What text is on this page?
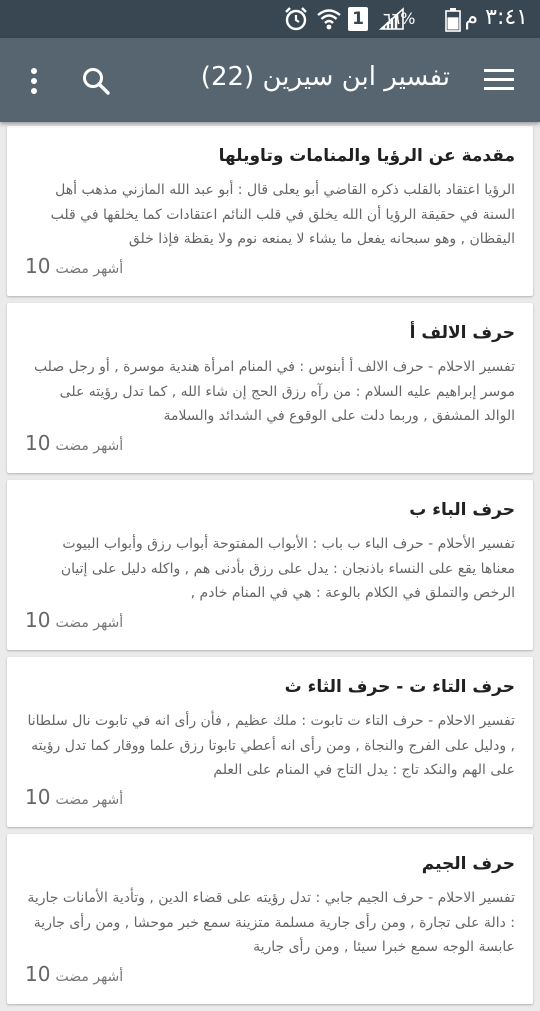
1 ٦٦% ٣:٤١ م
تفسير ابن سيرين (22)
مقدمة عن الرؤيا والمنامات وتاويلها
الرؤيا اعتقاد بالقلب ذكره القاضي أبو يعلى قال : أبو عبد الله المازني مذهب أهل السنة في حقيقة الرؤيا أن الله يخلق في قلب النائم اعتقادات كما يخلقها في قلب اليقظان , وهو سبحانه يفعل ما يشاء لا يمنعه نوم ولا يقظة فإذا خلق
10 أشهر مضت
حرف الالف أ
تفسير الاحلام - حرف الالف أ أبنوس : في المنام امرأة هندية موسرة , أو رجل صلب موسر إبراهيم عليه السلام : من رآه رزق الحج إن شاء الله , كما تدل رؤيته على الوالد المشفق , وربما دلت على الوقوع في الشدائد والسلامة
10 أشهر مضت
حرف الباء ب
تفسير الأحلام - حرف الباء ب باب : الأبواب المفتوحة أبواب رزق وأبواب البيوت معناها يقع على النساء باذنجان : يدل على رزق بأدنى هم , واكله دليل على إتيان الرخص والتملق في الكلام بالوعة : هي في المنام خادم ,
10 أشهر مضت
حرف التاء ت - حرف الثاء ث
تفسير الاحلام - حرف التاء ت تابوت : ملك عظيم , فأن رأى انه في تابوت نال سلطانا , ودليل على الفرج والنجاة , ومن رأى انه أعطي تابوتا رزق علما ووقار كما تدل رؤيته على الهم والنكد تاج : يدل التاج في المنام على العلم
10 أشهر مضت
حرف الجيم
تفسير الاحلام - حرف الجيم جابي : تدل رؤيته على قضاء الدين , وتأدية الأمانات جارية : دالة على تجارة , ومن رأى جارية مسلمة متزينة سمع خبر موحشا , ومن رأى جارية عابسة الوجه سمع خبرا سيئا , ومن رأى جارية
10 أشهر مضت
